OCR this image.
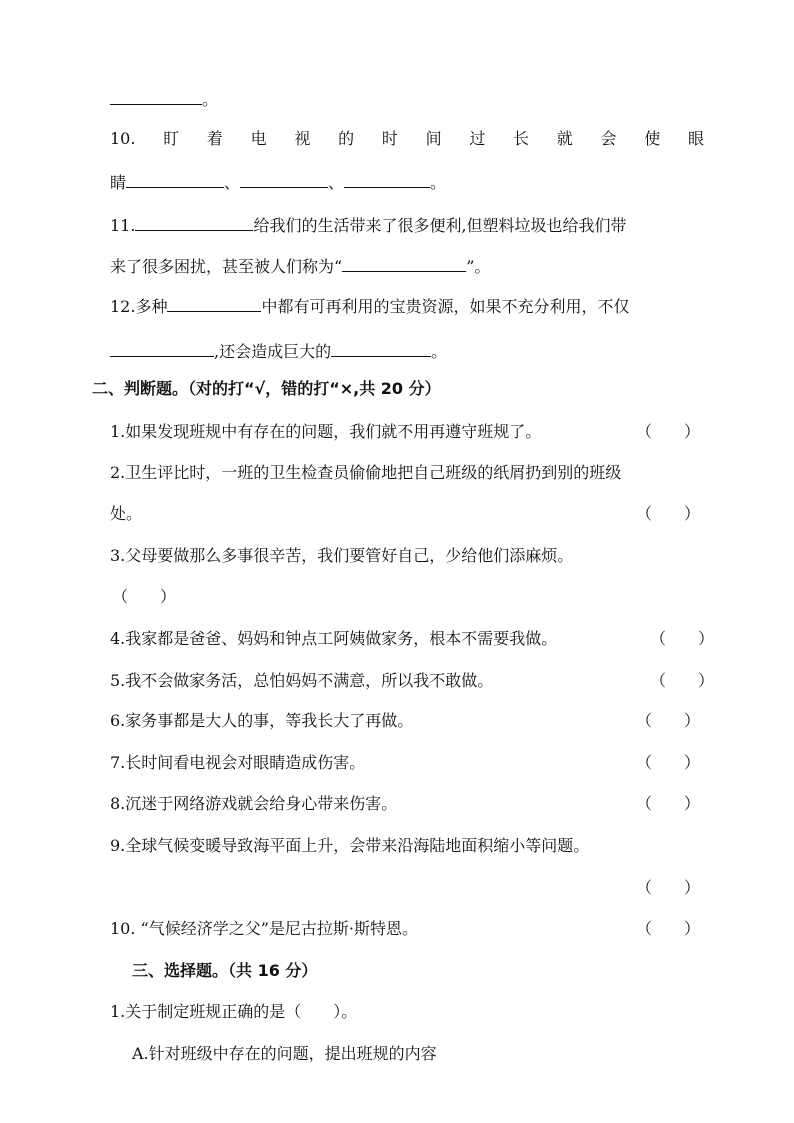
。
10. 盯 着 电 视 的 时 间 过 长 就 会 使 眼
睛	、	、	。
11.	给我们的生活带来了很多便利,但塑料垃圾也给我们带
来了很多困扰，甚至被人们称为“	”。
12.多种	中都有可再利用的宝贵资源，如果不充分利用，不仅
,还会造成巨大的	。
二、判断题。（对的打“√，错的打“×,共 20 分）
1.如果发现班规中有存在的问题，我们就不用再遵守班规了。	（　　）
2.卫生评比时，一班的卫生检查员偷偷地把自己班级的纸屑扔到别的班级
处。	（　　）
3.父母要做那么多事很辛苦，我们要管好自己，少给他们添麻烦。
（　　）
4.我家都是爸爸、妈妈和钟点工阿姨做家务，根本不需要我做。	（　　）
5.我不会做家务活，总怕妈妈不满意，所以我不敢做。	（　　）
6.家务事都是大人的事，等我长大了再做。	（　　）
7.长时间看电视会对眼睛造成伤害。	（　　）
8.沉迷于网络游戏就会给身心带来伤害。	（　　）
9.全球气候变暖导致海平面上升，会带来沿海陆地面积缩小等问题。
（　　）
10. “气候经济学之父”是尼古拉斯·斯特恩。	（　　）
三、选择题。（共 16 分）
1.关于制定班规正确的是（　　）。
A.针对班级中存在的问题，提出班规的内容
